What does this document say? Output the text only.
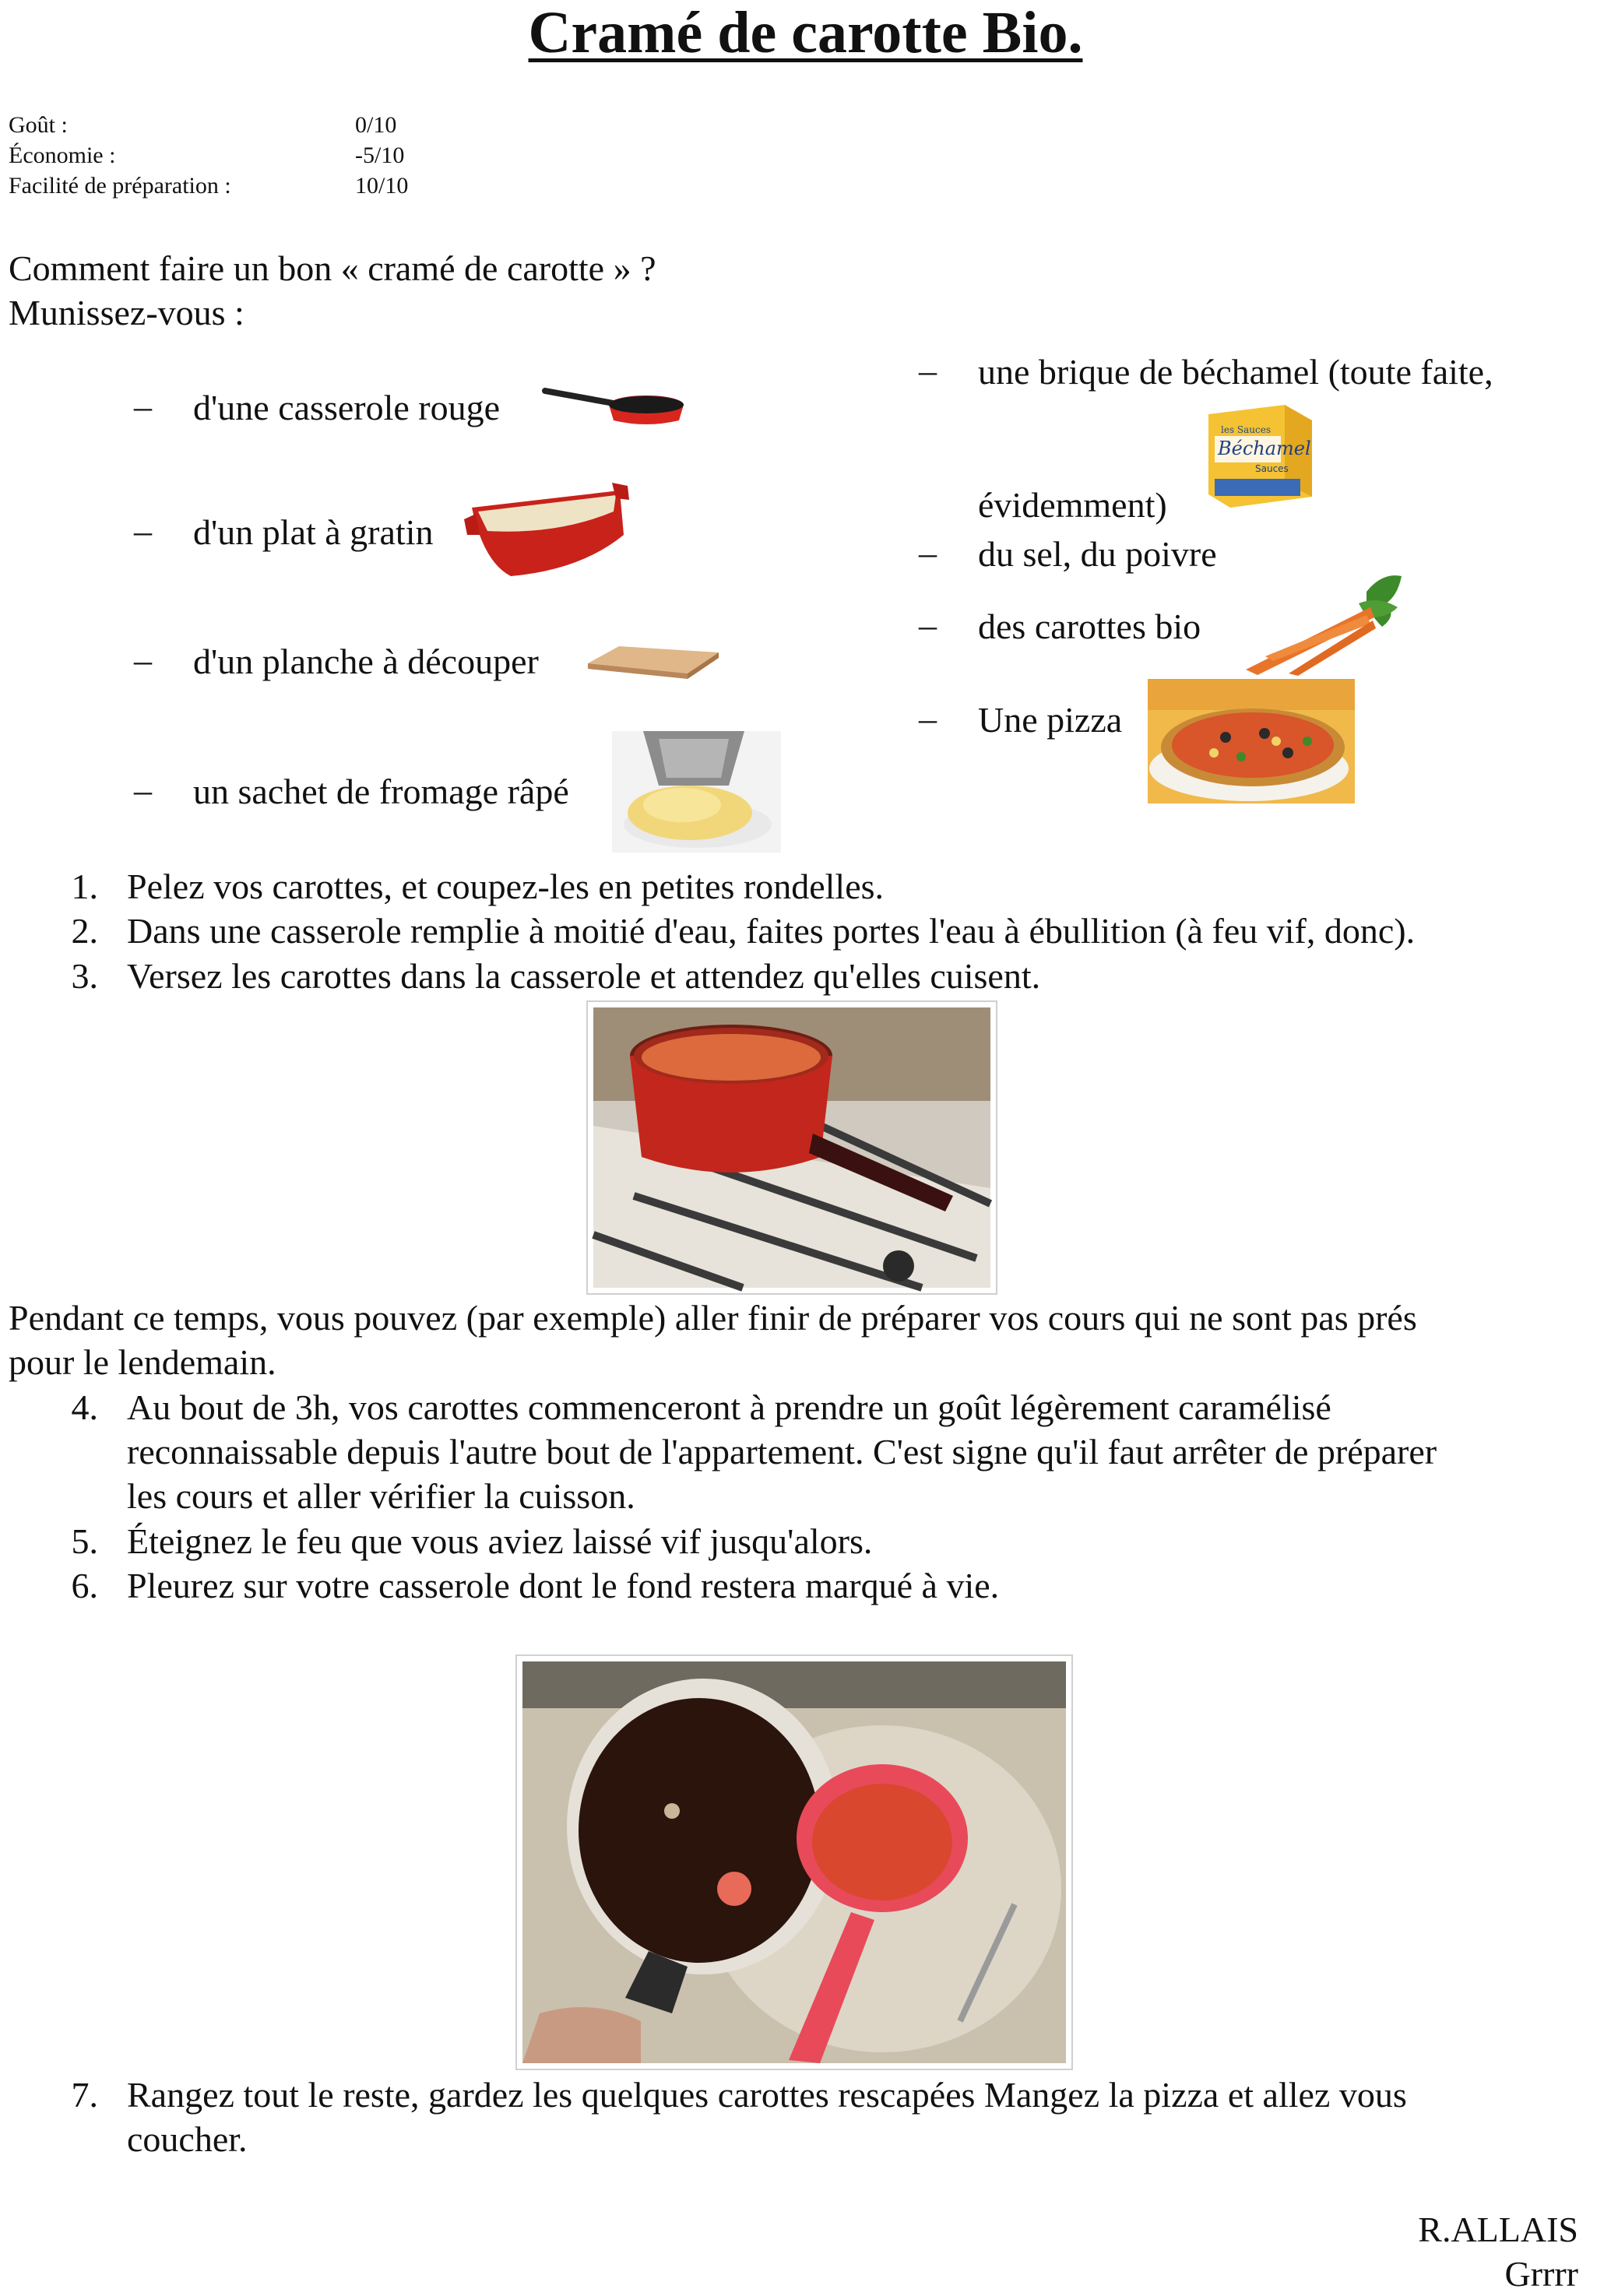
Cramé de carotte Bio.
Goût :	0/10
Économie :	-5/10
Facilité de préparation :	10/10
Comment faire un bon « cramé de carotte » ?
Munissez-vous :
– d'une casserole rouge
– d'un plat à gratin
– d'un planche à découper
– un sachet de fromage râpé
– une brique de béchamel (toute faite,
évidemment)
– du sel, du poivre
– des carottes bio
– Une pizza
les Sauces
Béchamel
Sauces
1. Pelez vos carottes, et coupez-les en petites rondelles.
2. Dans une casserole remplie à moitié d'eau, faites portes l'eau à ébullition (à feu vif, donc).
3. Versez les carottes dans la casserole et attendez qu'elles cuisent.
Pendant ce temps, vous pouvez (par exemple) aller finir de préparer vos cours qui ne sont pas prés
pour le lendemain.
4. Au bout de 3h, vos carottes commenceront à prendre un goût légèrement caramélisé
reconnaissable depuis l'autre bout de l'appartement. C'est signe qu'il faut arrêter de préparer
les cours et aller vérifier la cuisson.
5. Éteignez le feu que vous aviez laissé vif jusqu'alors.
6. Pleurez sur votre casserole dont le fond restera marqué à vie.
7. Rangez tout le reste, gardez les quelques carottes rescapées Mangez la pizza et allez vous
coucher.
R.ALLAIS
Grrrr
